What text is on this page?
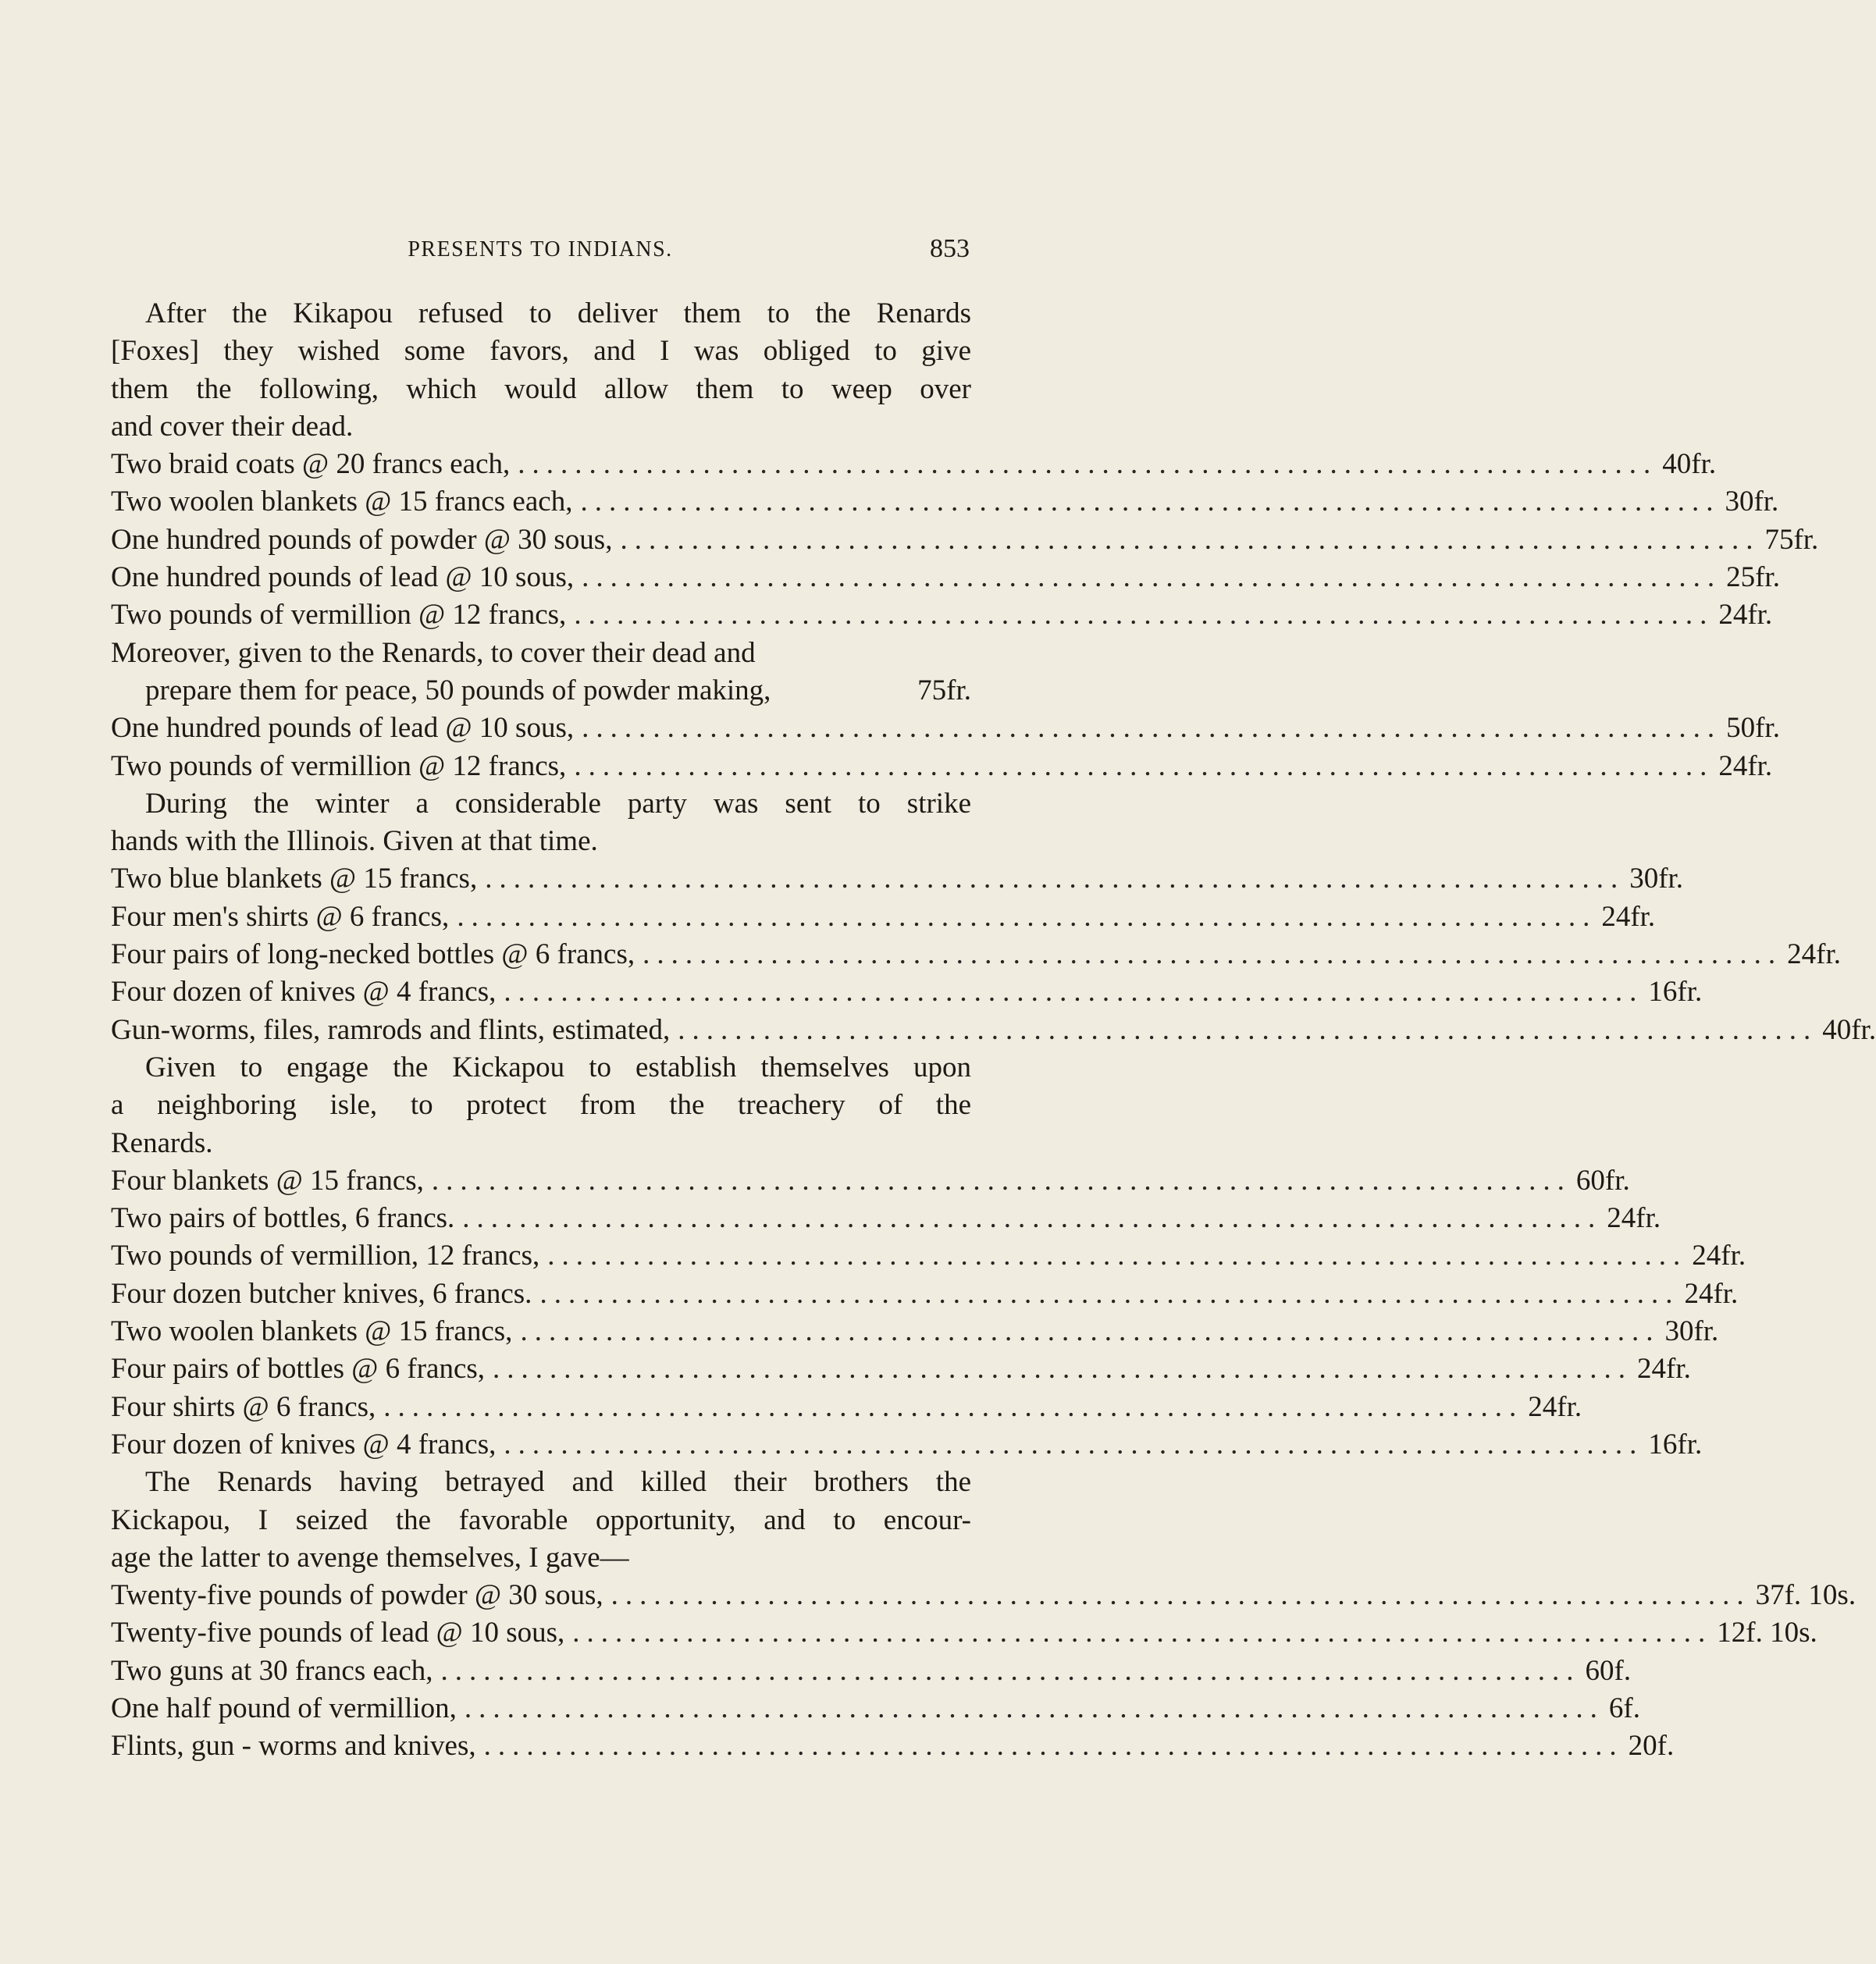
PRESENTS TO INDIANS.	853
After the Kikapou refused to deliver them to the Renards
[Foxes] they wished some favors, and I was obliged to give
them the following, which would allow them to weep over
and cover their dead.
Two braid coats @ 20 francs each, ................................................................................ 40fr.
Two woolen blankets @ 15 francs each, ................................................................................ 30fr.
One hundred pounds of powder @ 30 sous, ................................................................................ 75fr.
One hundred pounds of lead @ 10 sous, ................................................................................ 25fr.
Two pounds of vermillion @ 12 francs, ................................................................................ 24fr.
Moreover, given to the Renards, to cover their dead and
prepare them for peace, 50 pounds of powder making,	75fr.
One hundred pounds of lead @ 10 sous, ................................................................................ 50fr.
Two pounds of vermillion @ 12 francs, ................................................................................ 24fr.
During the winter a considerable party was sent to strike
hands with the Illinois. Given at that time.
Two blue blankets @ 15 francs, ................................................................................ 30fr.
Four men's shirts @ 6 francs, ................................................................................ 24fr.
Four pairs of long-necked bottles @ 6 francs, ................................................................................ 24fr.
Four dozen of knives @ 4 francs, ................................................................................ 16fr.
Gun-worms, files, ramrods and flints, estimated, ................................................................................ 40fr.
Given to engage the Kickapou to establish themselves upon
a neighboring isle, to protect from the treachery of the
Renards.
Four blankets @ 15 francs, ................................................................................ 60fr.
Two pairs of bottles, 6 francs. ................................................................................ 24fr.
Two pounds of vermillion, 12 francs, ................................................................................ 24fr.
Four dozen butcher knives, 6 francs. ................................................................................ 24fr.
Two woolen blankets @ 15 francs, ................................................................................ 30fr.
Four pairs of bottles @ 6 francs, ................................................................................ 24fr.
Four shirts @ 6 francs, ................................................................................ 24fr.
Four dozen of knives @ 4 francs, ................................................................................ 16fr.
The Renards having betrayed and killed their brothers the
Kickapou, I seized the favorable opportunity, and to encour-
age the latter to avenge themselves, I gave—
Twenty-five pounds of powder @ 30 sous, ................................................................................ 37f. 10s.
Twenty-five pounds of lead @ 10 sous, ................................................................................ 12f. 10s.
Two guns at 30 francs each, ................................................................................ 60f.
One half pound of vermillion, ................................................................................ 6f.
Flints, gun - worms and knives, ................................................................................ 20f.
